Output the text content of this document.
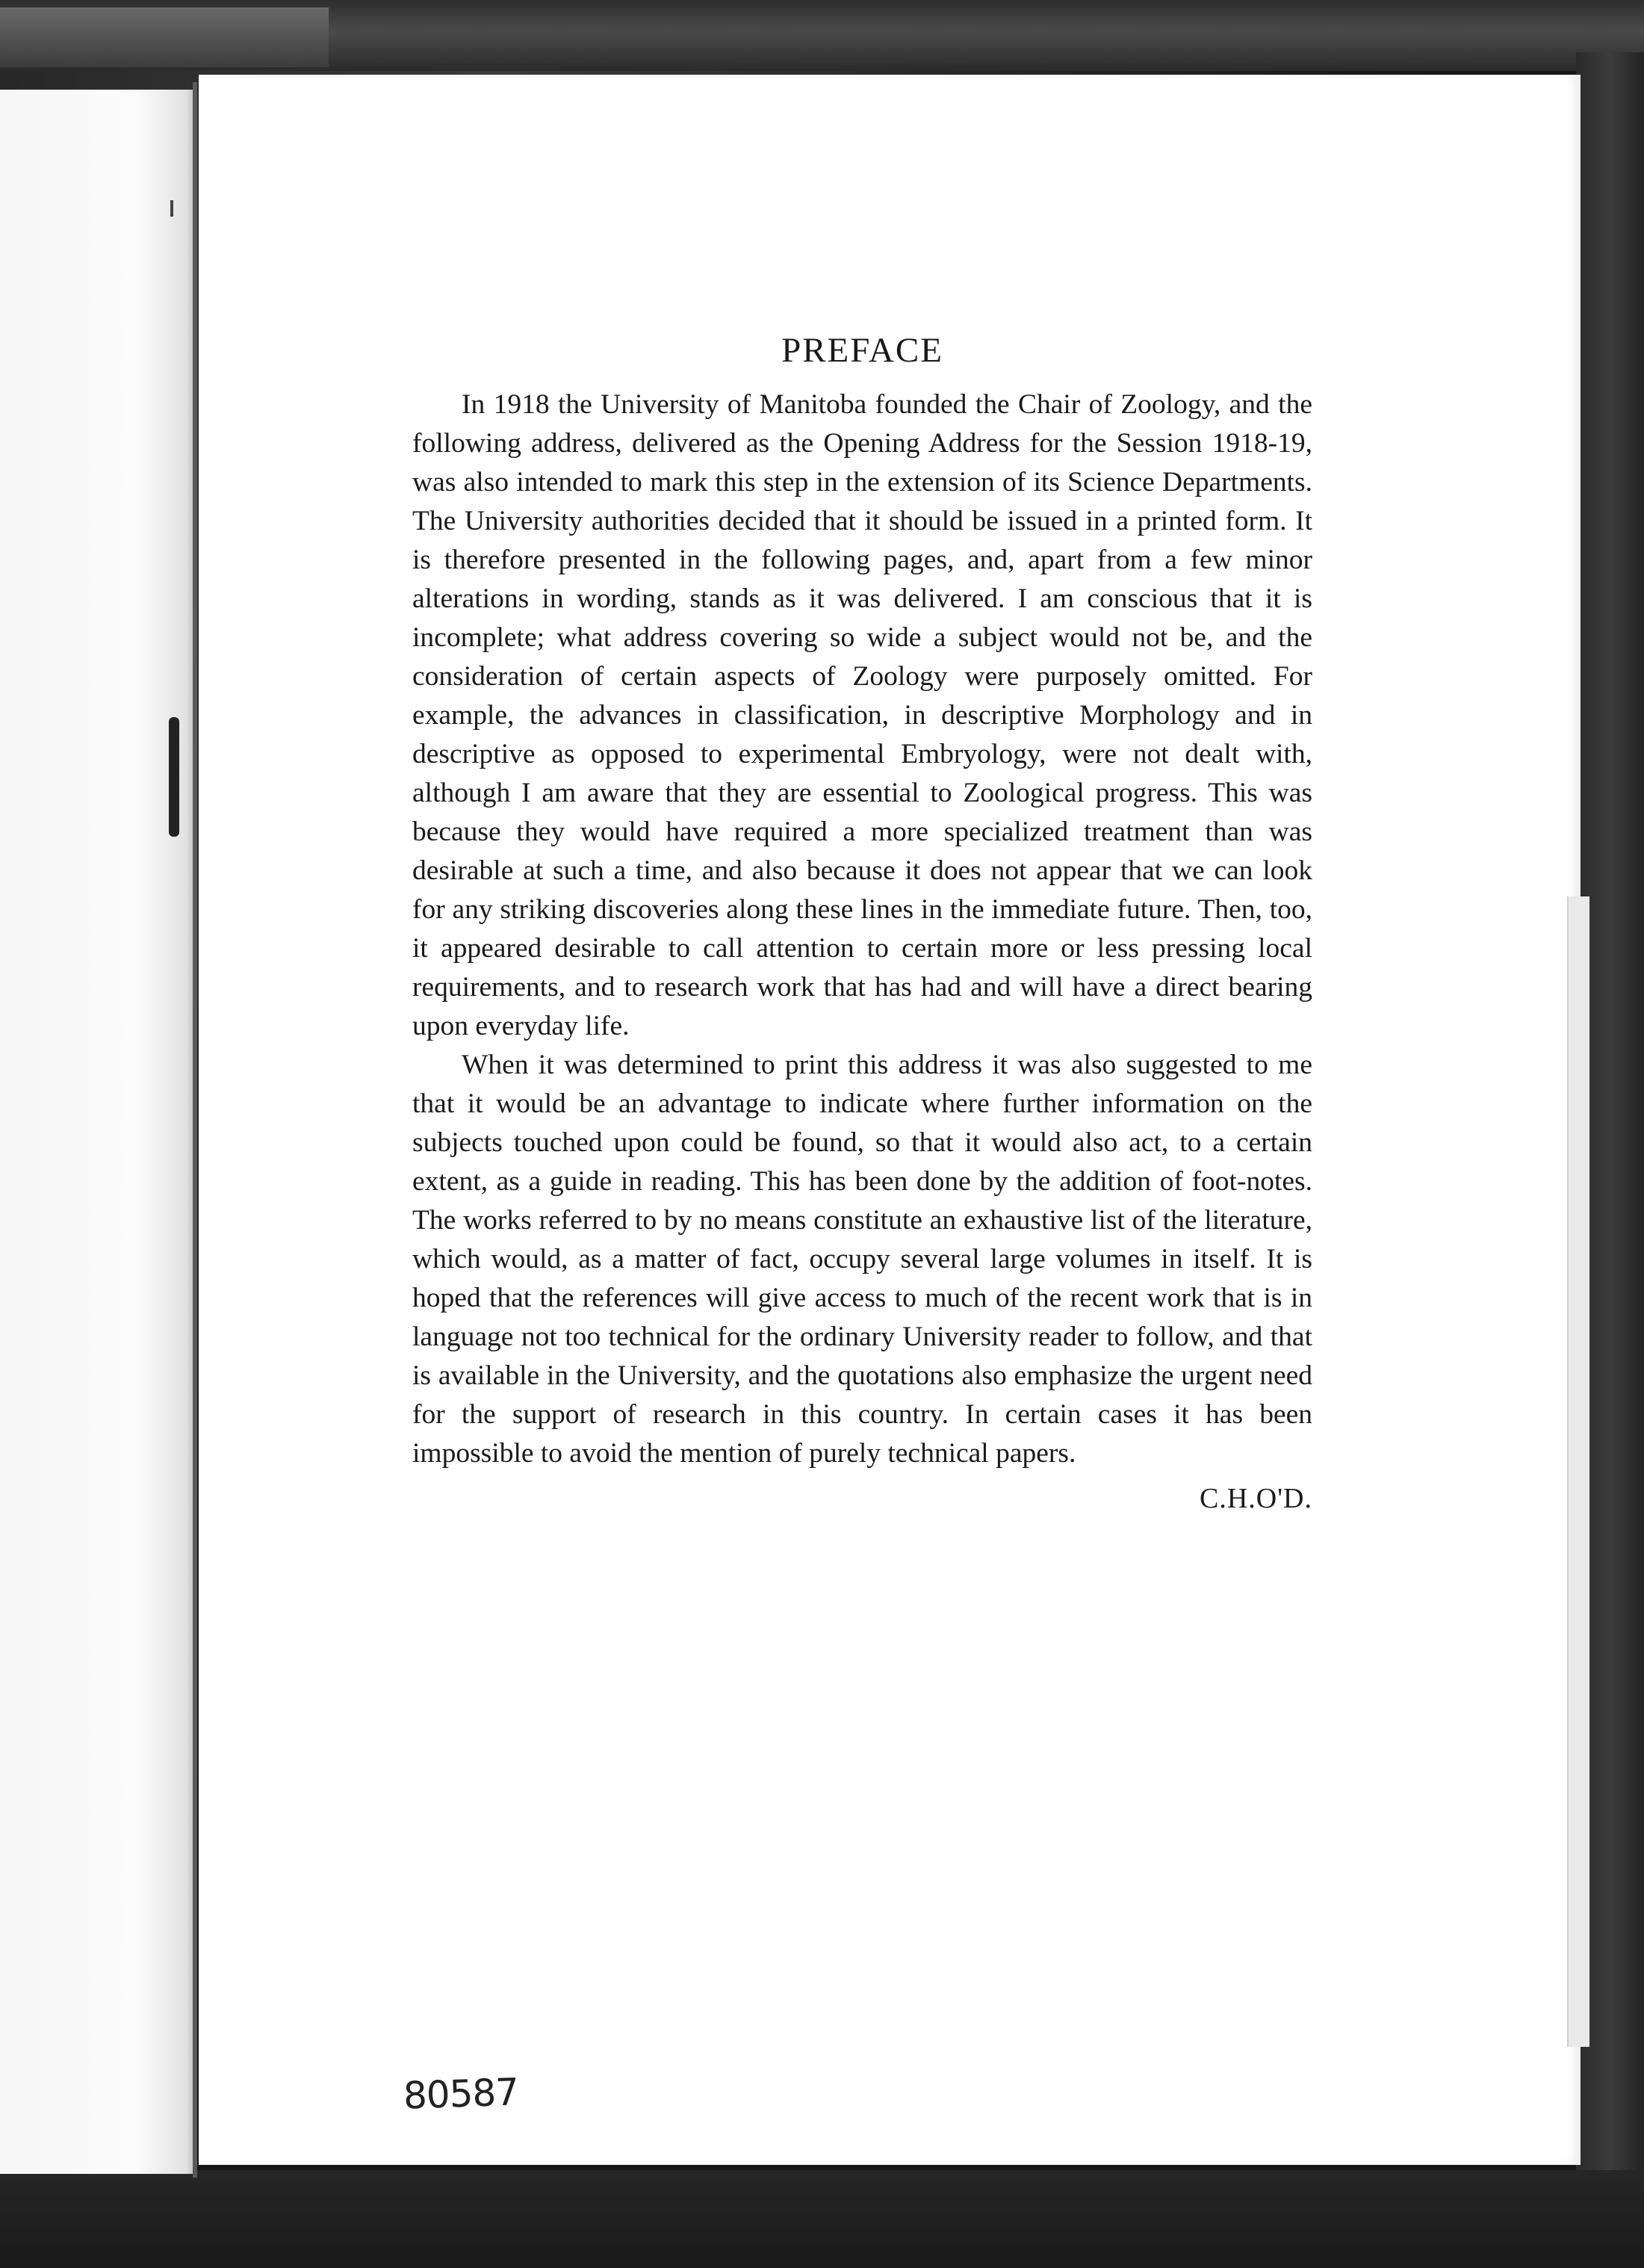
PREFACE

In 1918 the University of Manitoba founded the Chair of Zoology, and the following address, delivered as the Opening Address for the Session 1918-19, was also intended to mark this step in the extension of its Science Departments. The University authorities decided that it should be issued in a printed form. It is therefore presented in the following pages, and, apart from a few minor alterations in wording, stands as it was delivered. I am conscious that it is incomplete; what address covering so wide a subject would not be, and the consideration of certain aspects of Zoology were purposely omitted. For example, the advances in classification, in descriptive Morphology and in descriptive as opposed to experimental Embryology, were not dealt with, although I am aware that they are essential to Zoological progress. This was because they would have required a more specialized treatment than was desirable at such a time, and also because it does not appear that we can look for any striking discoveries along these lines in the immediate future. Then, too, it appeared desirable to call attention to certain more or less pressing local requirements, and to research work that has had and will have a direct bearing upon everyday life.

When it was determined to print this address it was also suggested to me that it would be an advantage to indicate where further information on the subjects touched upon could be found, so that it would also act, to a certain extent, as a guide in reading. This has been done by the addition of foot-notes. The works referred to by no means constitute an exhaustive list of the literature, which would, as a matter of fact, occupy several large volumes in itself. It is hoped that the references will give access to much of the recent work that is in language not too technical for the ordinary University reader to follow, and that is available in the University, and the quotations also emphasize the urgent need for the support of research in this country. In certain cases it has been impossible to avoid the mention of purely technical papers.

C.H.O'D.
80587
